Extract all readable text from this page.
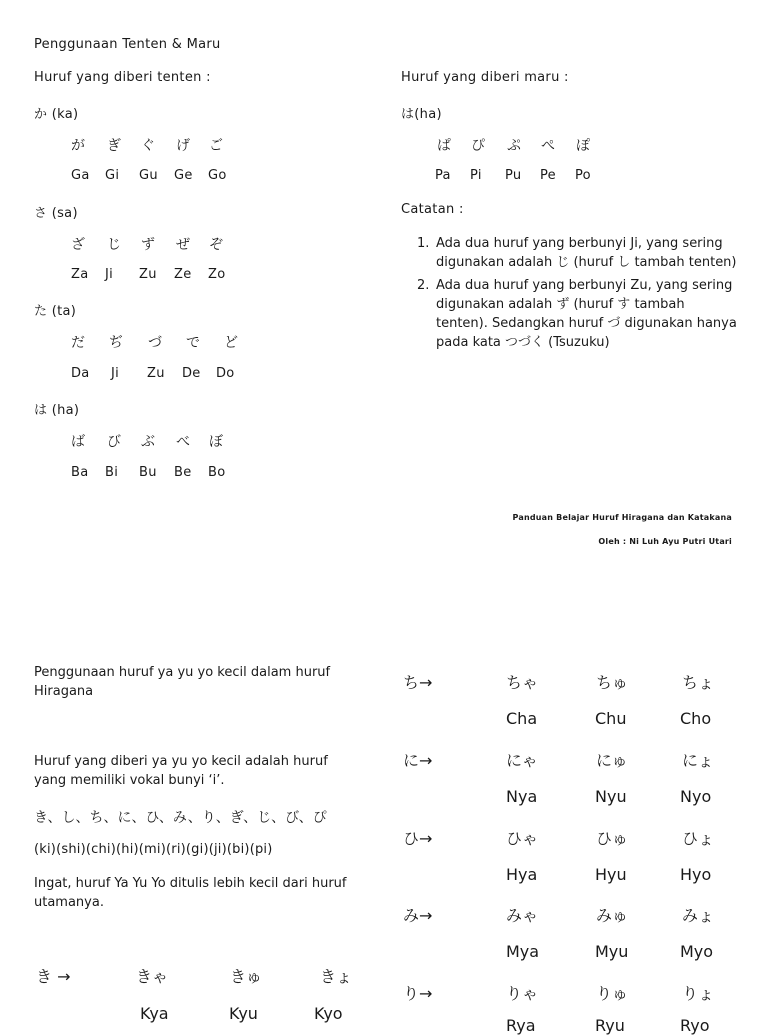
Penggunaan Tenten & Maru
Huruf yang diberi tenten :	Huruf yang diberi maru :
か (ka)
が	ぎ	ぐ	げ	ご
Ga	Gi	Gu	Ge	Go
さ (sa)
ざ	じ	ず	ぜ	ぞ
Za	Ji	Zu	Ze	Zo
た (ta)
だ	ぢ	づ	で	ど
Da	Ji	Zu	De	Do
は (ha)
ば	び	ぶ	べ	ぼ
Ba	Bi	Bu	Be	Bo
は(ha)
ぱ	ぴ	ぷ	ぺ	ぽ
Pa	Pi	Pu	Pe	Po
Catatan :
1. Ada dua huruf yang berbunyi Ji, yang sering digunakan adalah じ (huruf し tambah tenten)
2. Ada dua huruf yang berbunyi Zu, yang sering digunakan adalah ず (huruf す tambah tenten). Sedangkan huruf づ digunakan hanya pada kata つづく (Tsuzuku)
Panduan Belajar Huruf Hiragana dan Katakana
Oleh : Ni Luh Ayu Putri Utari
Penggunaan huruf ya yu yo kecil dalam huruf Hiragana
Huruf yang diberi ya yu yo kecil adalah huruf yang memiliki vokal bunyi ‘i’.
き、し、ち、に、ひ、み、り、ぎ、じ、び、ぴ
(ki)(shi)(chi)(hi)(mi)(ri)(gi)(ji)(bi)(pi)
Ingat, huruf Ya Yu Yo ditulis lebih kecil dari huruf utamanya.
き →	きゃ	きゅ	きょ
Kya	Kyu	Kyo
ち→	ちゃ	ちゅ	ちょ
Cha	Chu	Cho
に→	にゃ	にゅ	にょ
Nya	Nyu	Nyo
ひ→	ひゃ	ひゅ	ひょ
Hya	Hyu	Hyo
み→	みゃ	みゅ	みょ
Mya	Myu	Myo
り→	りゃ	りゅ	りょ
Rya	Ryu	Ryo
